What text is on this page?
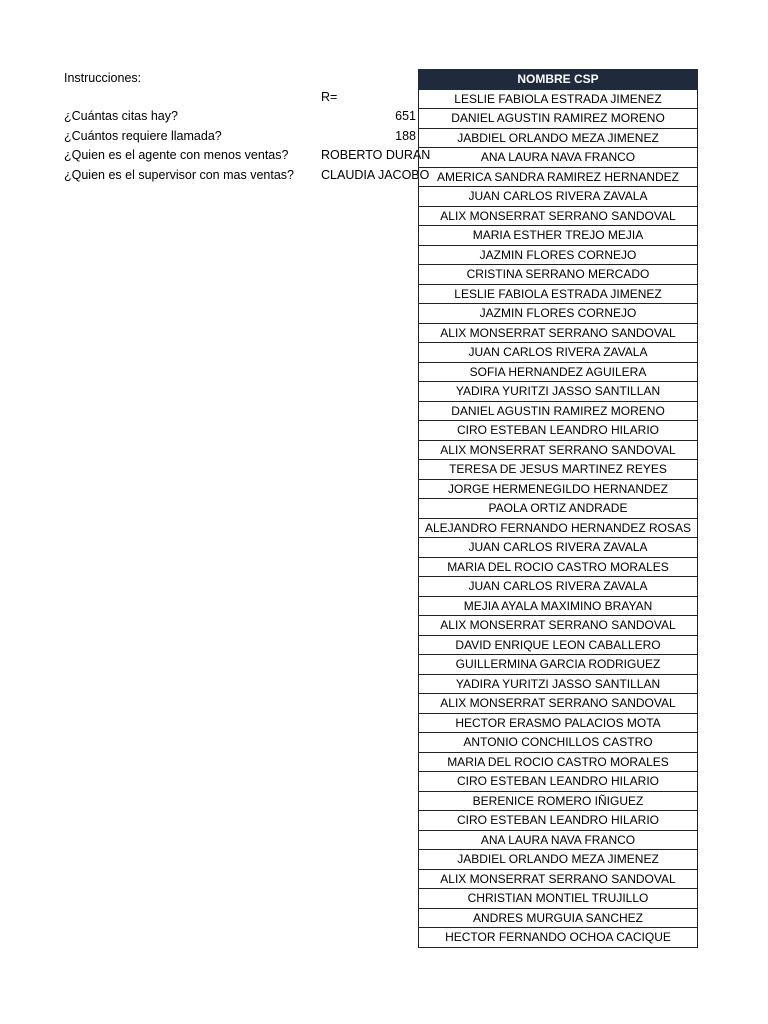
Instrucciones:
R=
¿Cuántas citas hay?	651
¿Cuántos requiere llamada?	188
¿Quien es el agente con menos ventas?	ROBERTO DURAN
¿Quien es el supervisor con mas ventas? CLAUDIA JACOBO
NOMBRE CSP
LESLIE FABIOLA ESTRADA JIMENEZ
DANIEL AGUSTIN RAMIREZ MORENO
JABDIEL ORLANDO MEZA JIMENEZ
ANA LAURA NAVA FRANCO
AMERICA SANDRA RAMIREZ HERNANDEZ
JUAN CARLOS RIVERA ZAVALA
ALIX MONSERRAT SERRANO SANDOVAL
MARIA ESTHER TREJO MEJIA
JAZMIN FLORES CORNEJO
CRISTINA SERRANO MERCADO
LESLIE FABIOLA ESTRADA JIMENEZ
JAZMIN FLORES CORNEJO
ALIX MONSERRAT SERRANO SANDOVAL
JUAN CARLOS RIVERA ZAVALA
SOFIA HERNANDEZ AGUILERA
YADIRA YURITZI JASSO SANTILLAN
DANIEL AGUSTIN RAMIREZ MORENO
CIRO ESTEBAN LEANDRO HILARIO
ALIX MONSERRAT SERRANO SANDOVAL
TERESA DE JESUS MARTINEZ REYES
JORGE HERMENEGILDO HERNANDEZ
PAOLA ORTIZ ANDRADE
ALEJANDRO FERNANDO HERNANDEZ ROSAS
JUAN CARLOS RIVERA ZAVALA
MARIA DEL ROCIO CASTRO MORALES
JUAN CARLOS RIVERA ZAVALA
MEJIA AYALA MAXIMINO BRAYAN
ALIX MONSERRAT SERRANO SANDOVAL
DAVID ENRIQUE LEON CABALLERO
GUILLERMINA GARCIA RODRIGUEZ
YADIRA YURITZI JASSO SANTILLAN
ALIX MONSERRAT SERRANO SANDOVAL
HECTOR ERASMO PALACIOS MOTA
ANTONIO CONCHILLOS CASTRO
MARIA DEL ROCIO CASTRO MORALES
CIRO ESTEBAN LEANDRO HILARIO
BERENICE ROMERO IÑIGUEZ
CIRO ESTEBAN LEANDRO HILARIO
ANA LAURA NAVA FRANCO
JABDIEL ORLANDO MEZA JIMENEZ
ALIX MONSERRAT SERRANO SANDOVAL
CHRISTIAN MONTIEL TRUJILLO
ANDRES MURGUIA SANCHEZ
HECTOR FERNANDO OCHOA CACIQUE
